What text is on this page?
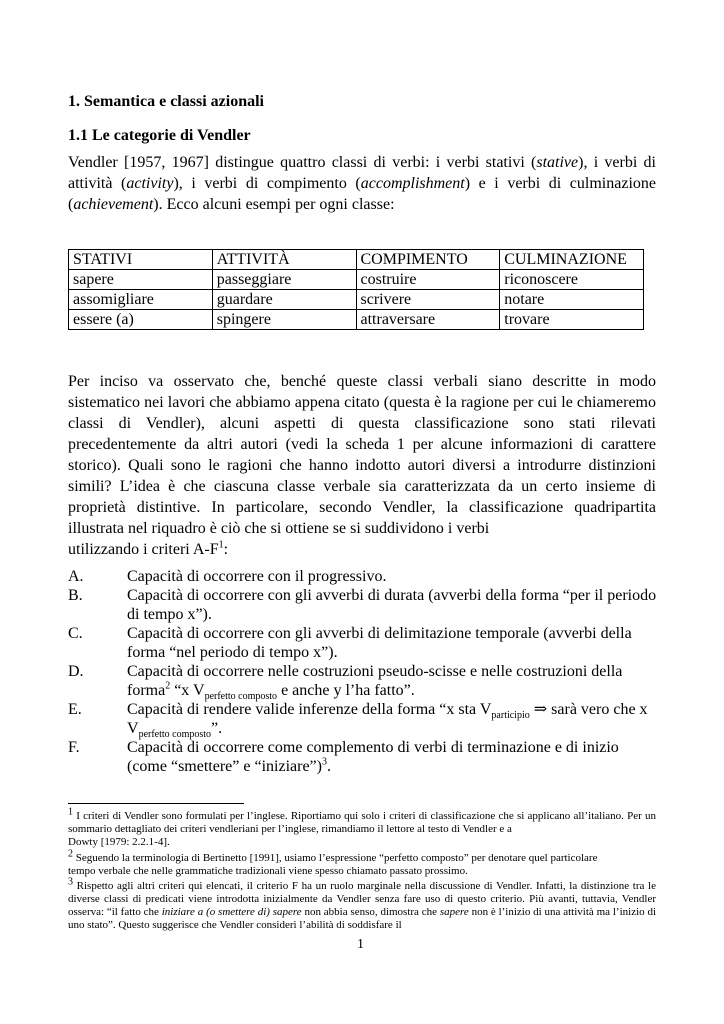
1. Semantica e classi azionali
1.1 Le categorie di Vendler

Vendler [1957, 1967] distingue quattro classi di verbi: i verbi stativi (stative), i verbi di attività (activity), i verbi di compimento (accomplishment) e i verbi di culminazione (achievement). Ecco alcuni esempi per ogni classe:

STATIVI	ATTIVITÀ	COMPIMENTO	CULMINAZIONE
sapere	passeggiare	costruire	riconoscere
assomigliare	guardare	scrivere	notare
essere (a)	spingere	attraversare	trovare

Per inciso va osservato che, benché queste classi verbali siano descritte in modo sistematico nei lavori che abbiamo appena citato (questa è la ragione per cui le chiameremo classi di Vendler), alcuni aspetti di questa classificazione sono stati rilevati precedentemente da altri autori (vedi la scheda 1 per alcune informazioni di carattere storico). Quali sono le ragioni che hanno indotto autori diversi a introdurre distinzioni simili? L’idea è che ciascuna classe verbale sia caratterizzata da un certo insieme di proprietà distintive. In particolare, secondo Vendler, la classificazione quadripartita illustrata nel riquadro è ciò che si ottiene se si suddividono i verbi
utilizzando i criteri $A-F^1$:

A.	Capacità di occorrere con il progressivo.
B.	Capacità di occorrere con gli avverbi di durata (avverbi della forma “per il periodo di tempo x”).
C.	Capacità di occorrere con gli avverbi di delimitazione temporale (avverbi della forma “nel periodo di tempo x”).
D.	Capacità di occorrere nelle costruzioni pseudo-scisse e nelle costruzioni della forma$^2$ “x $V_{perfetto composto}$ e anche y l’ha fatto”.
E.	Capacità di rendere valide inferenze della forma “x sta $V_{participio}$ ⇒ sarà vero che x $V_{perfetto composto}$”.
F.	Capacità di occorrere come complemento di verbi di terminazione e di inizio (come “smettere” e “iniziare”)$^3$.

$^1$ I criteri di Vendler sono formulati per l’inglese. Riportiamo qui solo i criteri di classificazione che si applicano all’italiano. Per un sommario dettagliato dei criteri vendleriani per l’inglese, rimandiamo il lettore al testo di Vendler e a
Dowty [1979: 2.2.1-4].

$^2$ Seguendo la terminologia di Bertinetto [1991], usiamo l’espressione “perfetto composto” per denotare quel particolare
tempo verbale che nelle grammatiche tradizionali viene spesso chiamato passato prossimo.

$^3$ Rispetto agli altri criteri qui elencati, il criterio F ha un ruolo marginale nella discussione di Vendler. Infatti, la distinzione tra le diverse classi di predicati viene introdotta inizialmente da Vendler senza fare uso di questo criterio. Più avanti, tuttavia, Vendler osserva: “il fatto che iniziare a (o smettere di) sapere non abbia senso, dimostra che sapere non è l’inizio di una attività ma l’inizio di uno stato”. Questo suggerisce che Vendler consideri l’abilità di soddisfare il

1
